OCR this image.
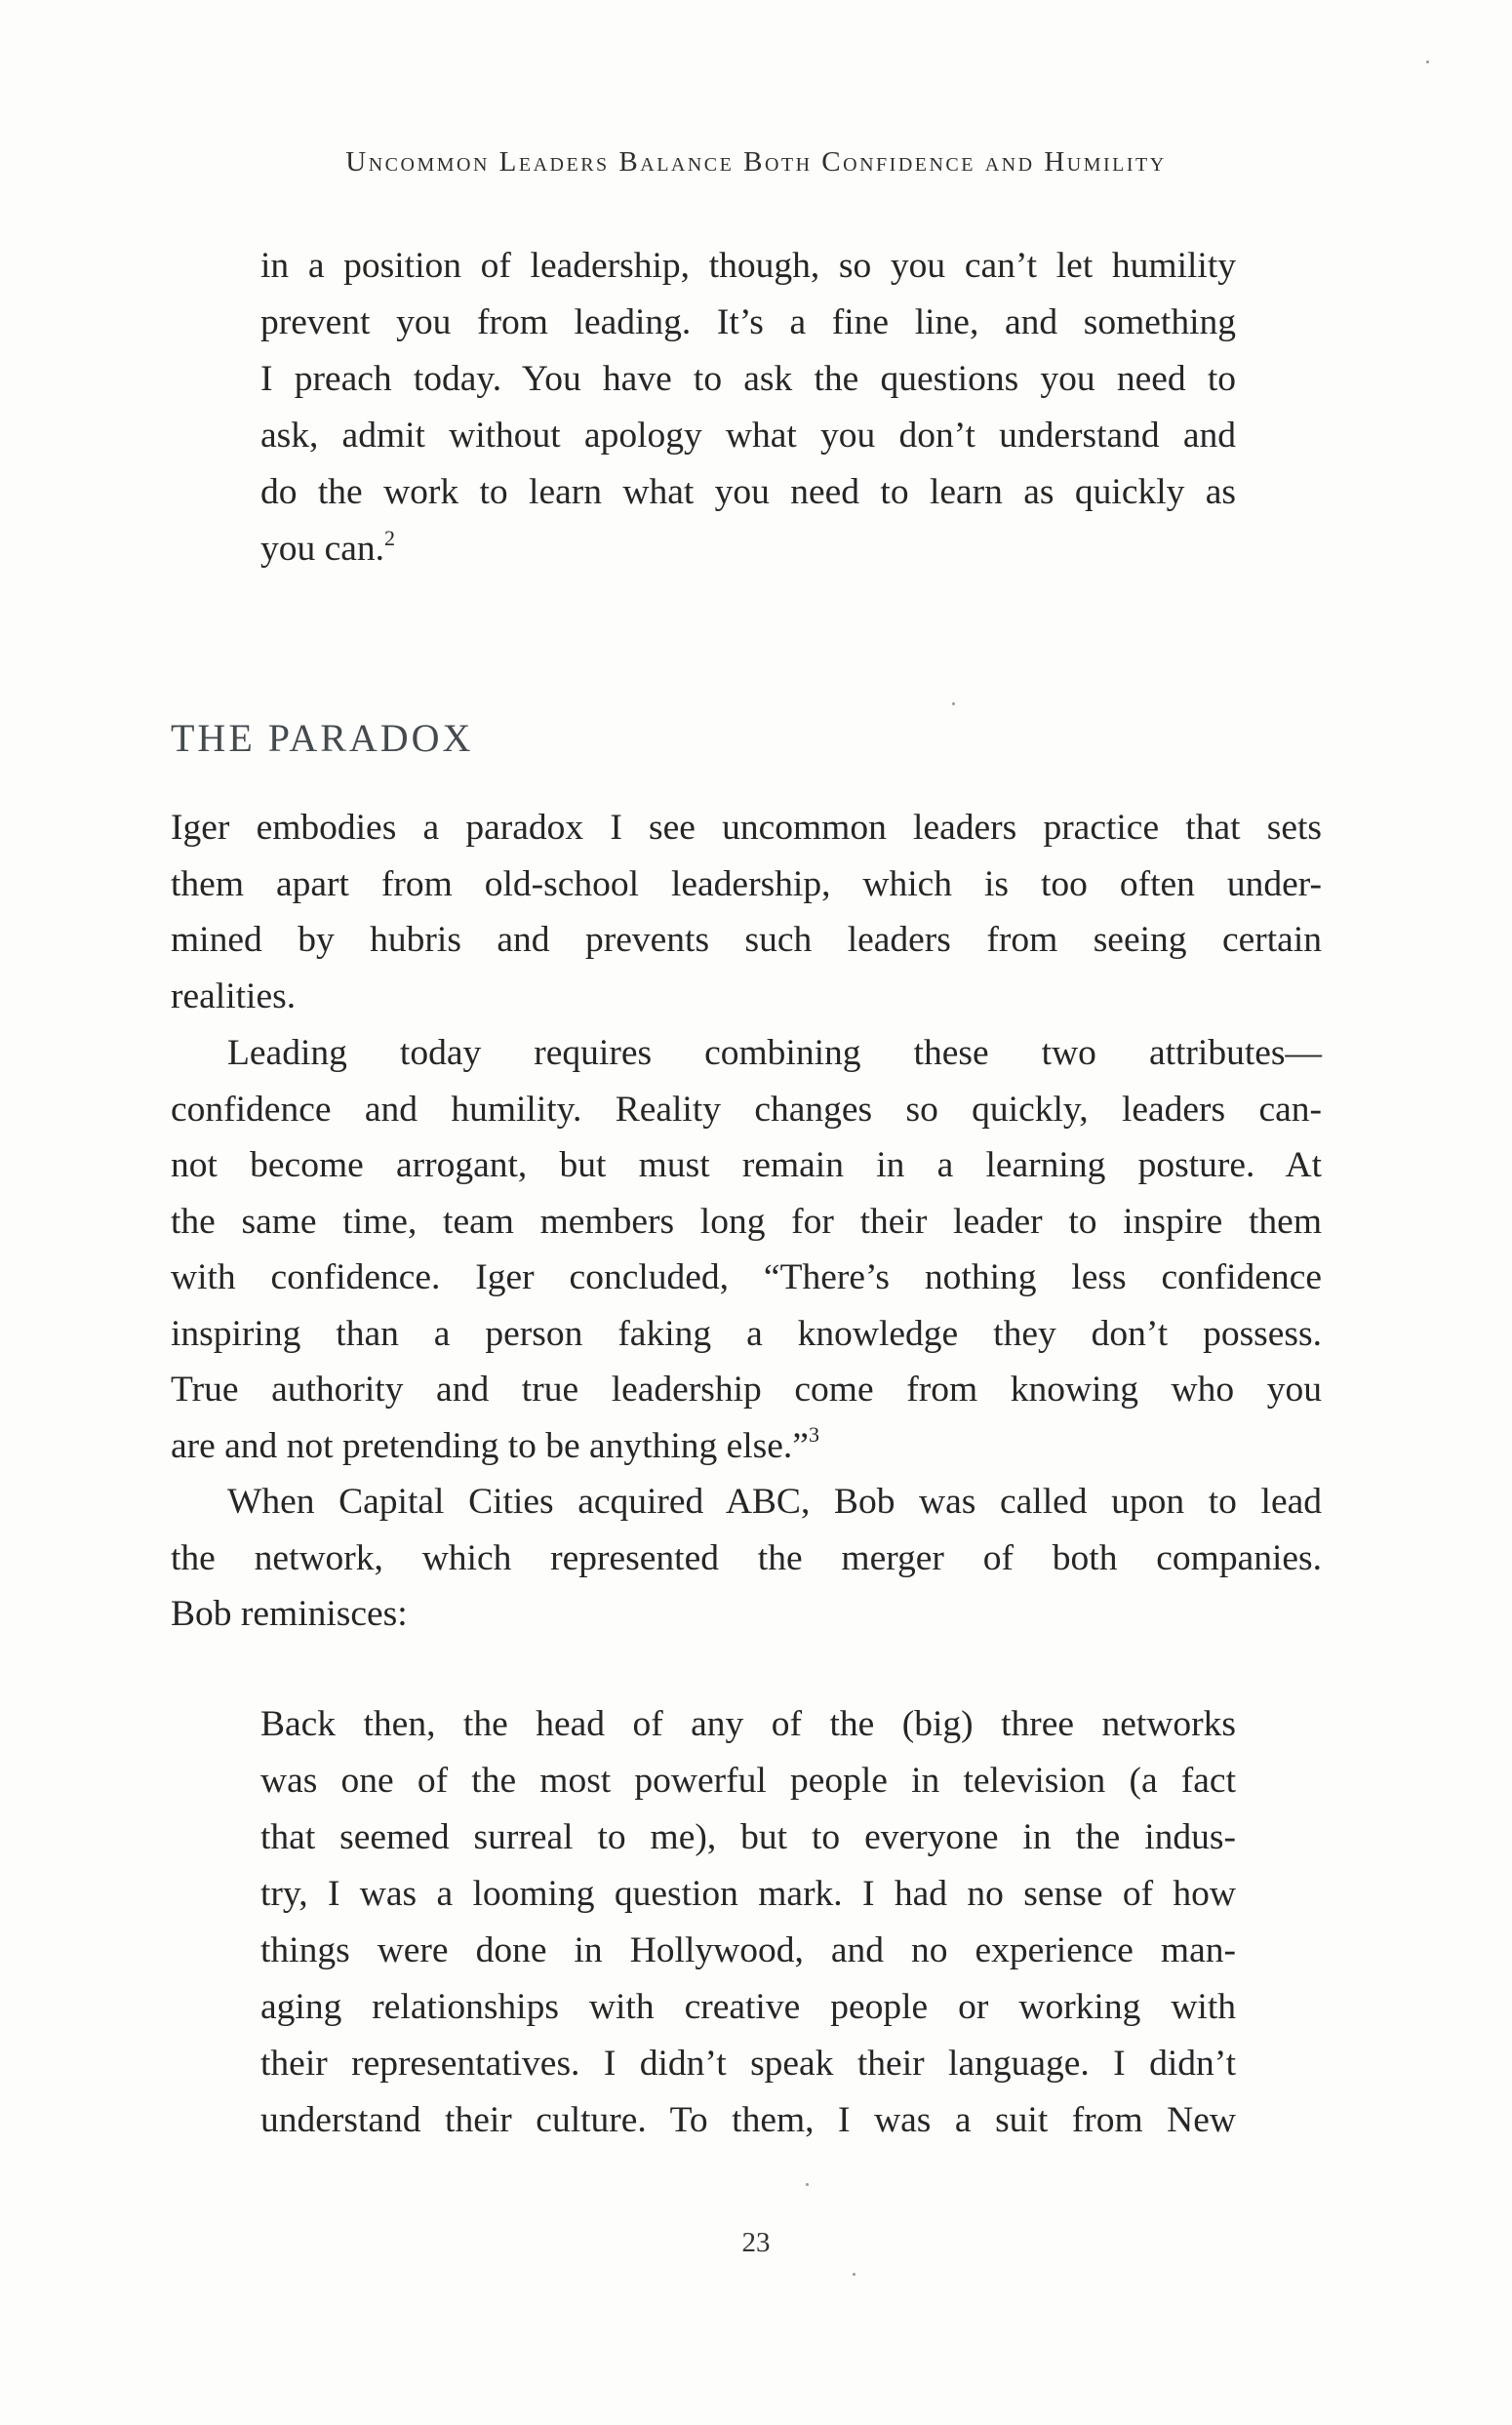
Uncommon Leaders Balance Both Confidence and Humility
in a position of leadership, though, so you can’t let humility
prevent you from leading. It’s a fine line, and something
I preach today. You have to ask the questions you need to
ask, admit without apology what you don’t understand and
do the work to learn what you need to learn as quickly as
you can.$^2$
THE PARADOX
Iger embodies a paradox I see uncommon leaders practice that sets
them apart from old-school leadership, which is too often under-
mined by hubris and prevents such leaders from seeing certain
realities.
Leading today requires combining these two attributes—
confidence and humility. Reality changes so quickly, leaders can-
not become arrogant, but must remain in a learning posture. At
the same time, team members long for their leader to inspire them
with confidence. Iger concluded, “There’s nothing less confidence
inspiring than a person faking a knowledge they don’t possess.
True authority and true leadership come from knowing who you
are and not pretending to be anything else.”$^3$
When Capital Cities acquired ABC, Bob was called upon to lead
the network, which represented the merger of both companies.
Bob reminisces:
Back then, the head of any of the (big) three networks
was one of the most powerful people in television (a fact
that seemed surreal to me), but to everyone in the indus-
try, I was a looming question mark. I had no sense of how
things were done in Hollywood, and no experience man-
aging relationships with creative people or working with
their representatives. I didn’t speak their language. I didn’t
understand their culture. To them, I was a suit from New
23
